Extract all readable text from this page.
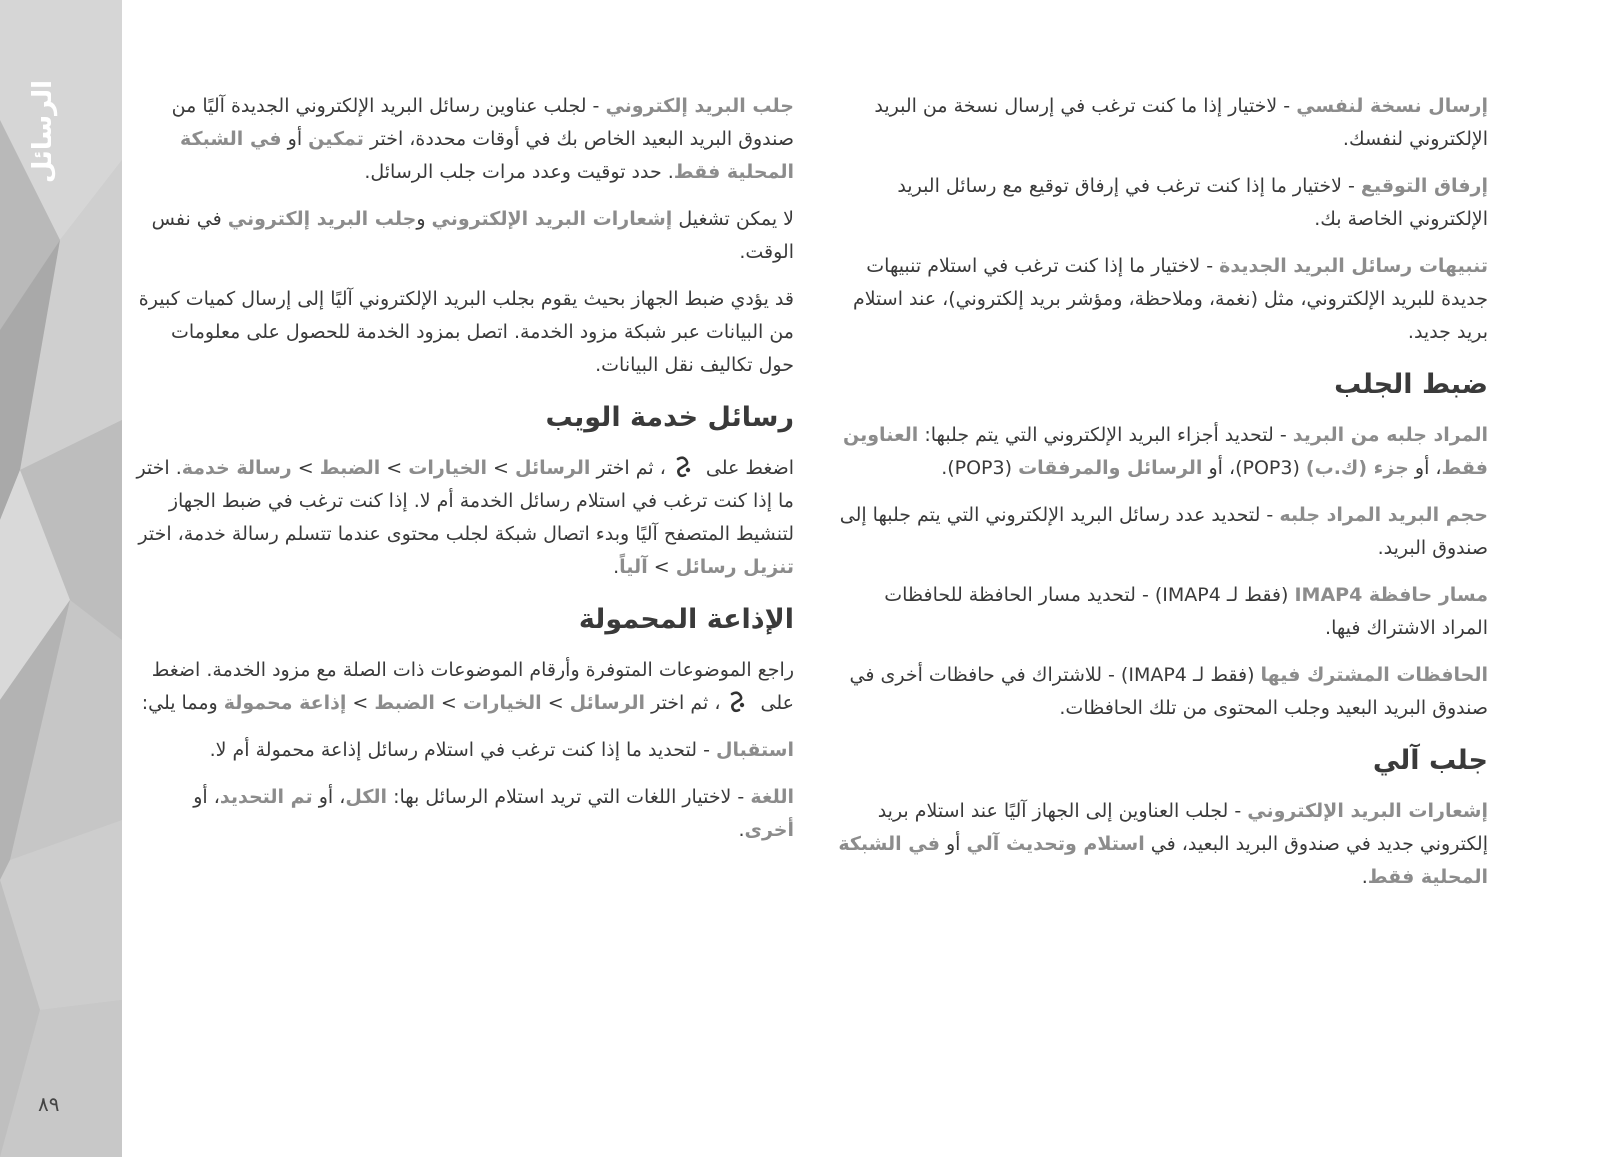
الرسائل
٨٩

إرسال نسخة لنفسي - لاختيار إذا ما كنت ترغب في إرسال نسخة من البريد الإلكتروني لنفسك.

إرفاق التوقيع - لاختيار ما إذا كنت ترغب في إرفاق توقيع مع رسائل البريد الإلكتروني الخاصة بك.

تنبيهات رسائل البريد الجديدة - لاختيار ما إذا كنت ترغب في استلام تنبيهات جديدة للبريد الإلكتروني، مثل (نغمة، وملاحظة، ومؤشر بريد إلكتروني)، عند استلام بريد جديد.

ضبط الجلب

المراد جلبه من البريد - لتحديد أجزاء البريد الإلكتروني التي يتم جلبها: العناوين فقط، أو جزء (ك.ب) (POP3)، أو الرسائل والمرفقات (POP3).

حجم البريد المراد جلبه - لتحديد عدد رسائل البريد الإلكتروني التي يتم جلبها إلى صندوق البريد.

مسار حافظة IMAP4 (فقط لـ IMAP4) - لتحديد مسار الحافظة للحافظات المراد الاشتراك فيها.

الحافظات المشترك فيها (فقط لـ IMAP4) - للاشتراك في حافظات أخرى في صندوق البريد البعيد وجلب المحتوى من تلك الحافظات.

جلب آلي

إشعارات البريد الإلكتروني - لجلب العناوين إلى الجهاز آليًا عند استلام بريد إلكتروني جديد في صندوق البريد البعيد، في استلام وتحديث آلي أو في الشبكة المحلية فقط.

جلب البريد إلكتروني - لجلب عناوين رسائل البريد الإلكتروني الجديدة آليًا من صندوق البريد البعيد الخاص بك في أوقات محددة، اختر تمكين أو في الشبكة المحلية فقط. حدد توقيت وعدد مرات جلب الرسائل.

لا يمكن تشغيل إشعارات البريد الإلكتروني وجلب البريد إلكتروني في نفس الوقت.

قد يؤدي ضبط الجهاز بحيث يقوم بجلب البريد الإلكتروني آليًا إلى إرسال كميات كبيرة من البيانات عبر شبكة مزود الخدمة. اتصل بمزود الخدمة للحصول على معلومات حول تكاليف نقل البيانات.

رسائل خدمة الويب

اضغط على ، ثم اختر الرسائل > الخيارات > الضبط > رسالة خدمة. اختر ما إذا كنت ترغب في استلام رسائل الخدمة أم لا. إذا كنت ترغب في ضبط الجهاز لتنشيط المتصفح آليًا وبدء اتصال شبكة لجلب محتوى عندما تتسلم رسالة خدمة، اختر تنزيل رسائل > آلياً.

الإذاعة المحمولة

راجع الموضوعات المتوفرة وأرقام الموضوعات ذات الصلة مع مزود الخدمة. اضغط على ، ثم اختر الرسائل > الخيارات > الضبط > إذاعة محمولة ومما يلي:

استقبال - لتحديد ما إذا كنت ترغب في استلام رسائل إذاعة محمولة أم لا.

اللغة - لاختيار اللغات التي تريد استلام الرسائل بها: الكل، أو تم التحديد، أو أخرى.
